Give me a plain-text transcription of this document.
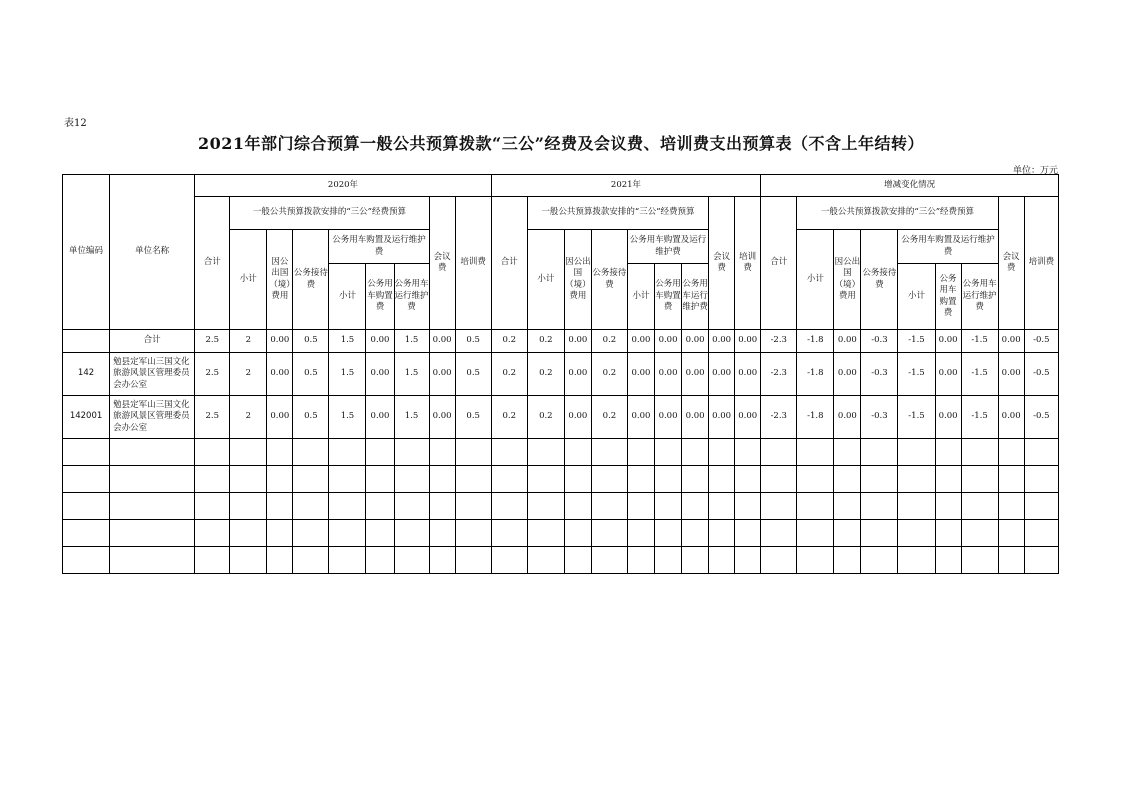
表12
2021年部门综合预算一般公共预算拨款“三公”经费及会议费、培训费支出预算表（不含上年结转）
单位：万元
单位编码	单位名称	2020年									2021年									增减变化情况								
		合计	一般公共预算拨款安排的“三公”经费预算						会议费	培训费	合计	一般公共预算拨款安排的“三公”经费预算						会议费	培训费	合计	一般公共预算拨款安排的“三公”经费预算						会议费	培训费
			小计	因公出国（境）费用	公务接待费	公务用车购置及运行维护费						小计	因公出国（境）费用	公务接待费	公务用车购置及运行维护费						小计	因公出国（境）费用	公务接待费	公务用车购置及运行维护费				
						小计	公务用车购置费	公务用车运行维护费							小计	公务用车购置费	公务用车运行维护费							小计	公务用车购置费	公务用车运行维护费		
	合计	2.5	2	0.00	0.5	1.5	0.00	1.5	0.00	0.5	0.2	0.2	0.00	0.2	0.00	0.00	0.00	0.00	0.00	-2.3	-1.8	0.00	-0.3	-1.5	0.00	-1.5	0.00	-0.5
142	勉县定军山三国文化旅游风景区管理委员会办公室	2.5	2	0.00	0.5	1.5	0.00	1.5	0.00	0.5	0.2	0.2	0.00	0.2	0.00	0.00	0.00	0.00	0.00	-2.3	-1.8	0.00	-0.3	-1.5	0.00	-1.5	0.00	-0.5
142001	勉县定军山三国文化旅游风景区管理委员会办公室	2.5	2	0.00	0.5	1.5	0.00	1.5	0.00	0.5	0.2	0.2	0.00	0.2	0.00	0.00	0.00	0.00	0.00	-2.3	-1.8	0.00	-0.3	-1.5	0.00	-1.5	0.00	-0.5
